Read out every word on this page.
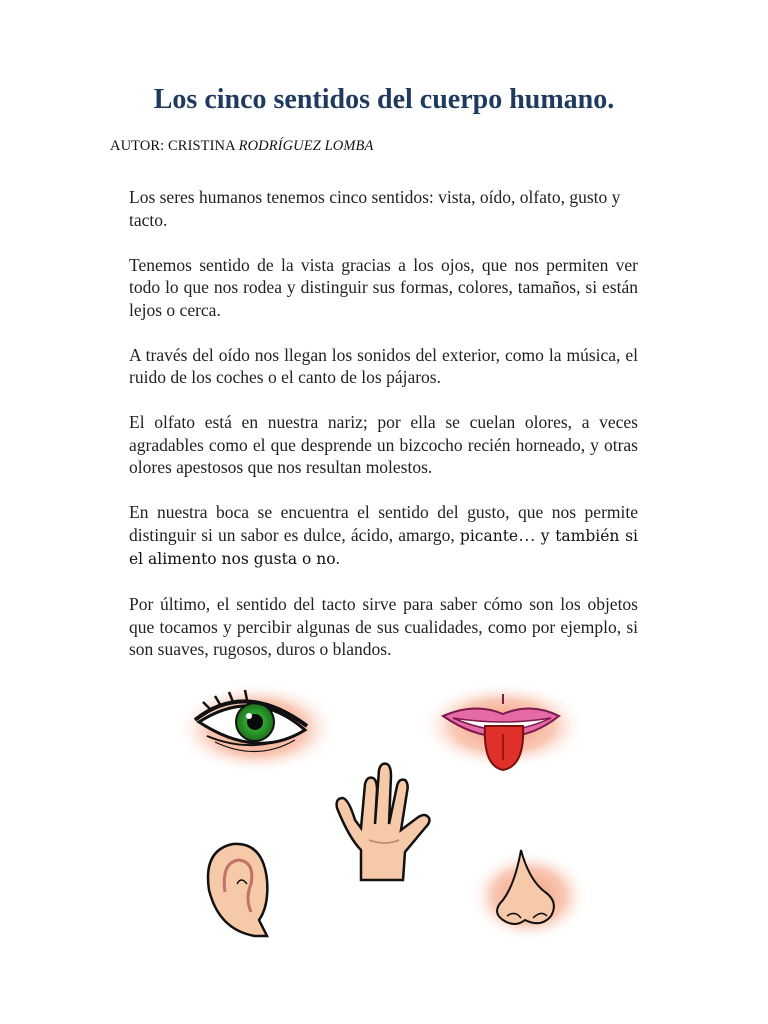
Los cinco sentidos del cuerpo humano.
AUTOR: CRISTINA RODRÍGUEZ LOMBA

Los seres humanos tenemos cinco sentidos: vista, oído, olfato, gusto y tacto.

Tenemos sentido de la vista gracias a los ojos, que nos permiten ver todo lo que nos rodea y distinguir sus formas, colores, tamaños, si están lejos o cerca.

A través del oído nos llegan los sonidos del exterior, como la música, el ruido de los coches o el canto de los pájaros.

El olfato está en nuestra nariz; por ella se cuelan olores, a veces agradables como el que desprende un bizcocho recién horneado, y otras olores apestosos que nos resultan molestos.

En nuestra boca se encuentra el sentido del gusto, que nos permite distinguir si un sabor es dulce, ácido, amargo, picante… y también si el alimento nos gusta o no.

Por último, el sentido del tacto sirve para saber cómo son los objetos que tocamos y percibir algunas de sus cualidades, como por ejemplo, si son suaves, rugosos, duros o blandos.
